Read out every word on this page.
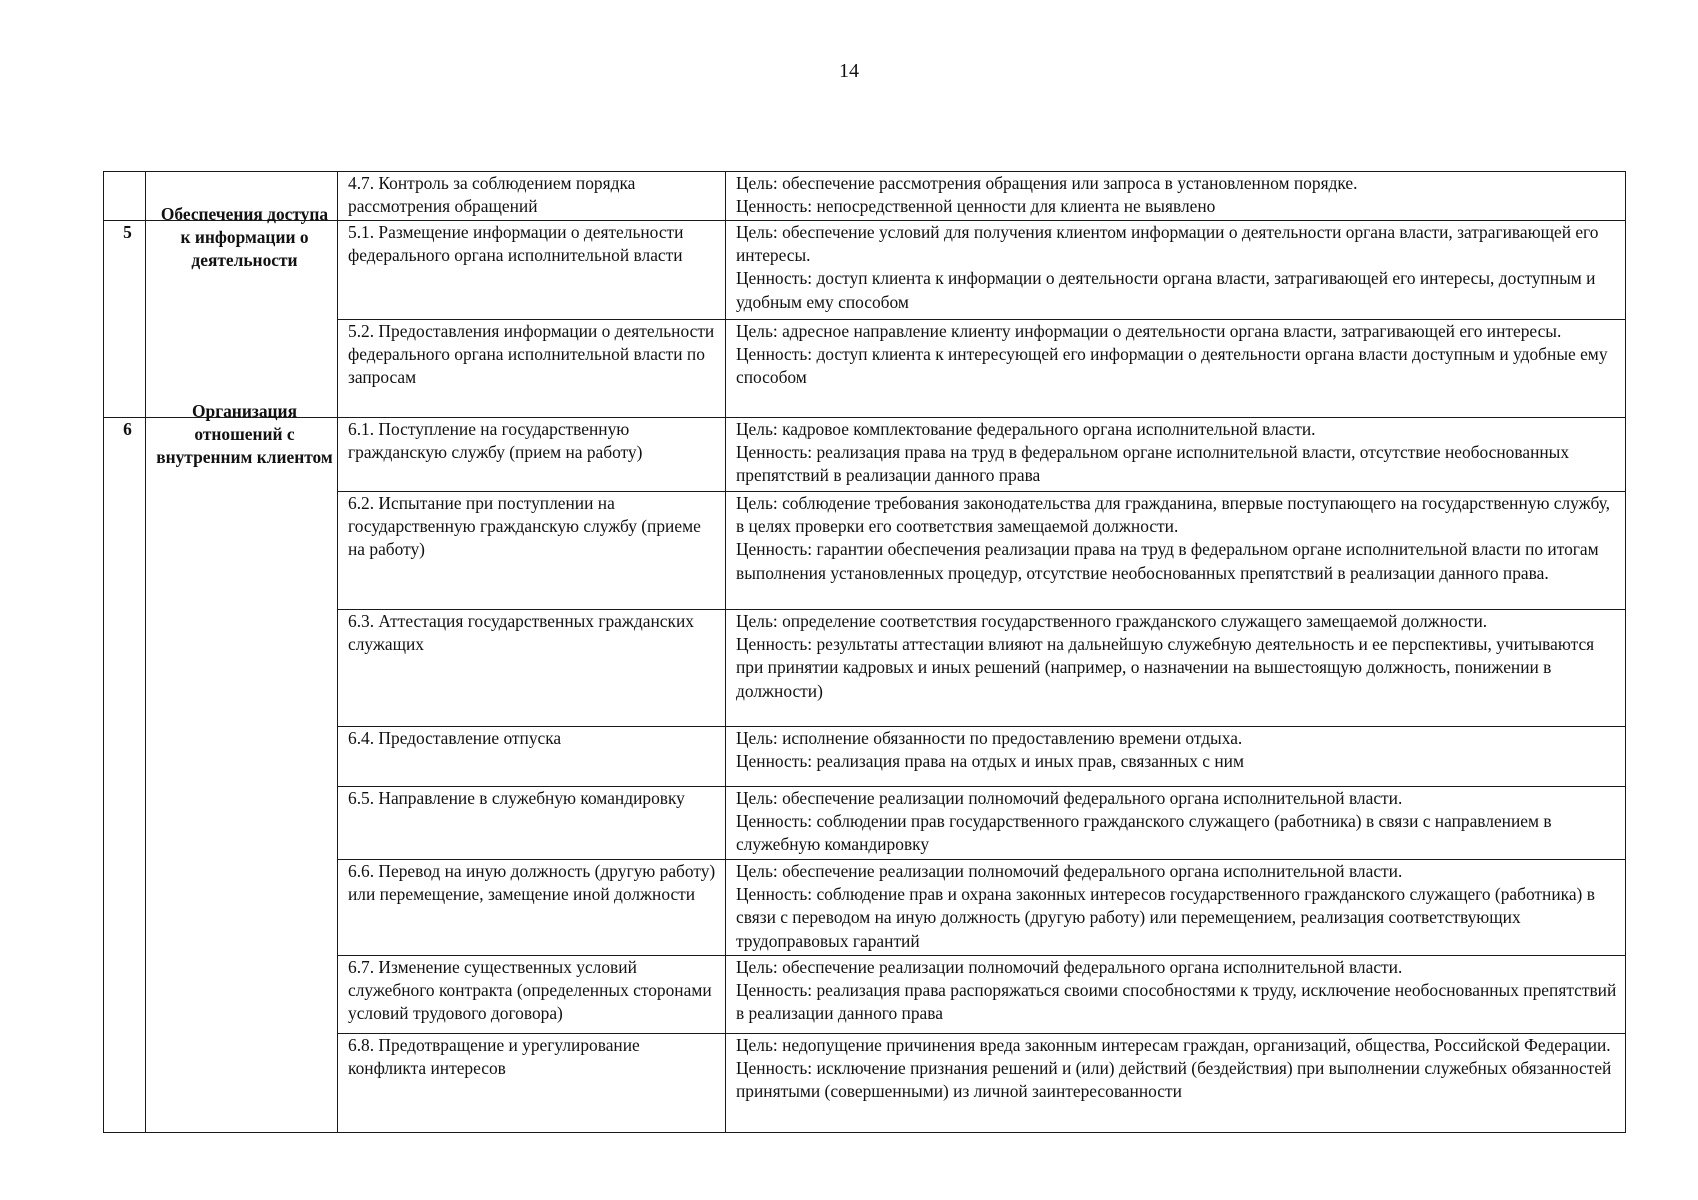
14
		4.7. Контроль за соблюдением порядка рассмотрения обращений	Цель: обеспечение рассмотрения обращения или запроса в установленном порядке.
Ценность: непосредственной ценности для клиента не выявлено

5	Обеспечения доступа к информации о деятельности	5.1. Размещение информации о деятельности федерального органа исполнительной власти	Цель: обеспечение условий для получения клиентом информации о деятельности органа власти, затрагивающей его интересы.
Ценность: доступ клиента к информации о деятельности органа власти, затрагивающей его интересы, доступным и удобным ему способом

		5.2. Предоставления информации о деятельности федерального органа исполнительной власти по запросам	Цель: адресное направление клиенту информации о деятельности органа власти, затрагивающей его интересы.
Ценность: доступ клиента к интересующей его информации о деятельности органа власти доступным и удобные ему способом

6	Организация отношений с внутренним клиентом	6.1. Поступление на государственную гражданскую службу (прием на работу)	Цель: кадровое комплектование федерального органа исполнительной власти.
Ценность: реализация права на труд в федеральном органе исполнительной власти, отсутствие необоснованных препятствий в реализации данного права

		6.2. Испытание при поступлении на государственную гражданскую службу (приеме на работу)	Цель: соблюдение требования законодательства для гражданина, впервые поступающего на государственную службу, в целях проверки его соответствия замещаемой должности.
Ценность: гарантии обеспечения реализации права на труд в федеральном органе исполнительной власти по итогам выполнения установленных процедур, отсутствие необоснованных препятствий в реализации данного права.

		6.3. Аттестация государственных гражданских служащих	Цель: определение соответствия государственного гражданского служащего замещаемой должности.
Ценность: результаты аттестации влияют на дальнейшую служебную деятельность и ее перспективы, учитываются при принятии кадровых и иных решений (например, о назначении на вышестоящую должность, понижении в должности)

		6.4. Предоставление отпуска	Цель: исполнение обязанности по предоставлению времени отдыха.
Ценность: реализация права на отдых и иных прав, связанных с ним

		6.5. Направление в служебную командировку	Цель: обеспечение реализации полномочий федерального органа исполнительной власти.
Ценность: соблюдении прав государственного гражданского служащего (работника) в связи с направлением в служебную командировку

		6.6. Перевод на иную должность (другую работу) или перемещение, замещение иной должности	Цель: обеспечение реализации полномочий федерального органа исполнительной власти.
Ценность: соблюдение прав и охрана законных интересов государственного гражданского служащего (работника) в связи с переводом на иную должность (другую работу) или перемещением, реализация соответствующих трудоправовых гарантий

		6.7. Изменение существенных условий служебного контракта (определенных сторонами условий трудового договора)	Цель: обеспечение реализации полномочий федерального органа исполнительной власти.
Ценность: реализация права распоряжаться своими способностями к труду, исключение необоснованных препятствий в реализации данного права

		6.8. Предотвращение и урегулирование конфликта интересов	Цель: недопущение причинения вреда законным интересам граждан, организаций, общества, Российской Федерации.
Ценность: исключение признания решений и (или) действий (бездействия) при выполнении служебных обязанностей принятыми (совершенными) из личной заинтересованности
